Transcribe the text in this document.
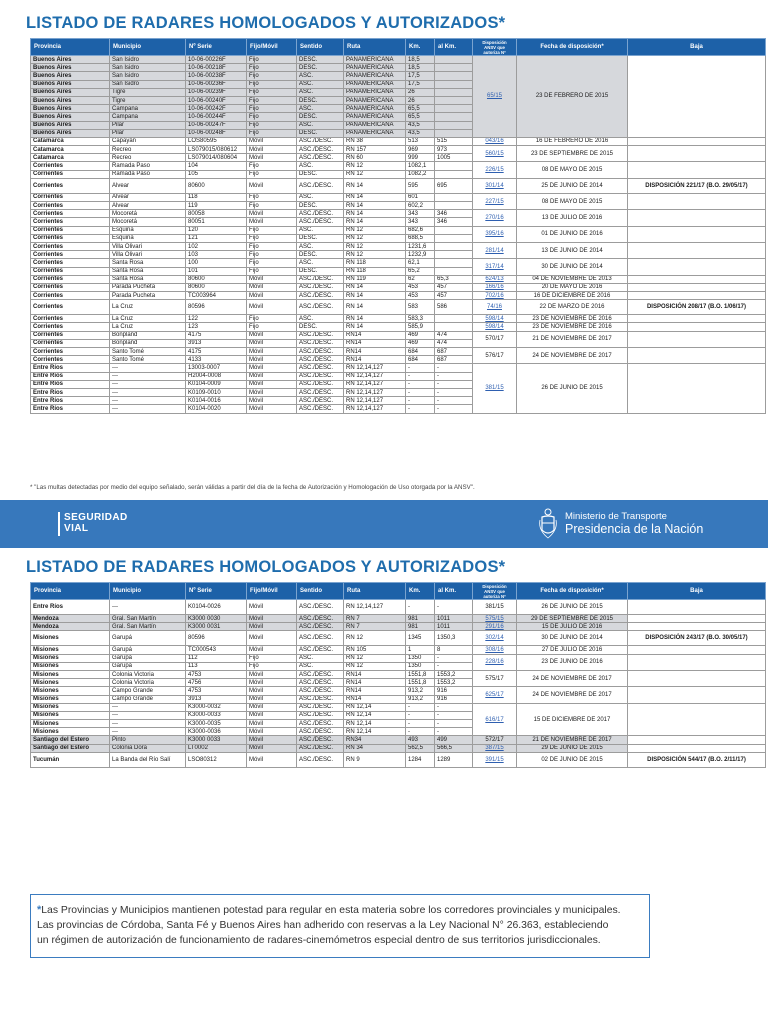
LISTADO DE RADARES HOMOLOGADOS Y AUTORIZADOS*
Provincia	Municipio	Nº Serie	Fijo/Móvil	Sentido	Ruta	Km.	al Km.	Disposición ANSV que autoriza Nº	Fecha de disposición*	Baja
Buenos Aires	San Isidro	10-06-00226F	Fijo	DESC.	PANAMERICANA	18,5		65/15	23 DE FEBRERO DE 2015	
Buenos Aires	San Isidro	10-06-00218F	Fijo	DESC.	PANAMERICANA	18,5				
Buenos Aires	San Isidro	10-06-00238F	Fijo	ASC.	PANAMERICANA	17,5				
Buenos Aires	San Isidro	10-06-00236F	Fijo	ASC.	PANAMERICANA	17,5				
Buenos Aires	Tigre	10-06-00239F	Fijo	ASC.	PANAMERICANA	26				
Buenos Aires	Tigre	10-06-00240F	Fijo	DESC.	PANAMERICANA	26				
Buenos Aires	Campana	10-06-00242F	Fijo	ASC.	PANAMERICANA	65,5				
Buenos Aires	Campana	10-06-00244F	Fijo	DESC.	PANAMERICANA	65,5				
Buenos Aires	Pilar	10-06-00247F	Fijo	ASC.	PANAMERICANA	43,5				
Buenos Aires	Pilar	10-06-00248F	Fijo	DESC.	PANAMERICANA	43,5				
Catamarca	Capayán	LOS80595	Móvil	ASC./DESC.	RN 38	513	515	043/16	16 DE FEBRERO DE 2016	
Catamarca	Recreo	LS079015/080612	Móvil	ASC./DESC.	RN 157	969	973	560/15	23 DE SEPTIEMBRE DE 2015	
Catamarca	Recreo	LS079014/080604	Móvil	ASC./DESC.	RN 60	999	1005			
Corrientes	Ramada Paso	104	Fijo	ASC.	RN 12	1082,1		226/15	08 DE MAYO DE 2015	
Corrientes	Ramada Paso	105	Fijo	DESC.	RN 12	1082,2				
Corrientes	Alvear	80600	Móvil	ASC./DESC.	RN 14	595	695	301/14	25 DE JUNIO DE 2014	DISPOSICIÓN 221/17 (B.O. 29/05/17)
Corrientes	Alvear	118	Fijo	ASC.	RN 14	601		227/15	08 DE MAYO DE 2015	
Corrientes	Alvear	119	Fijo	DESC.	RN 14	602,2				
Corrientes	Mocoretá	80058	Móvil	ASC./DESC.	RN 14	343	346	270/16	13 DE JULIO DE 2016	
Corrientes	Mocoretá	80051	Móvil	ASC./DESC.	RN 14	343	346			
Corrientes	Esquina	120	Fijo	ASC.	RN 12	682,6		395/16	01 DE JUNIO DE 2016	
Corrientes	Esquina	121	Fijo	DESC.	RN 12	688,5				
Corrientes	Villa Olivari	102	Fijo	ASC.	RN 12	1231,6		281/14	13 DE JUNIO DE 2014	
Corrientes	Villa Olivari	103	Fijo	DESC.	RN 12	1232,9				
Corrientes	Santa Rosa	100	Fijo	ASC.	RN 118	62,1		317/14	30 DE JUNIO DE 2014	
Corrientes	Santa Rosa	101	Fijo	DESC.	RN 118	65,2				
Corrientes	Santa Rosa	80600	Móvil	ASC./DESC.	RN 119	62	65,3	624/13	04 DE NOVIEMBRE DE 2013	
Corrientes	Parada Pucheta	80600	Móvil	ASC./DESC.	RN 14	453	457	166/16	20 DE MAYO DE 2016	
Corrientes	Parada Pucheta	TC003964	Móvil	ASC./DESC.	RN 14	453	457	702/16	16 DE DICIEMBRE DE 2016	
Corrientes	La Cruz	80596	Móvil	ASC./DESC.	RN 14	583	586	74/16	22 DE MARZO DE 2016	DISPOSICIÓN 208/17 (B.O. 1/06/17)
Corrientes	La Cruz	122	Fijo	ASC.	RN 14	583,3		598/14	23 DE NOVIEMBRE DE 2016	
Corrientes	La Cruz	123	Fijo	DESC.	RN 14	585,9		598/14	23 DE NOVIEMBRE DE 2016	
Corrientes	Bonpland	4175	Móvil	ASC./DESC.	RN14	469	474	570/17	21 DE NOVIEMBRE DE 2017	
Corrientes	Bonpland	3913	Móvil	ASC./DESC.	RN14	469	474			
Corrientes	Santo Tomé	4175	Móvil	ASC./DESC.	RN14	684	687	576/17	24 DE NOVIEMBRE DE 2017	
Corrientes	Santo Tomé	4133	Móvil	ASC./DESC.	RN14	684	687			
Entre Ríos	---	13003-0007	Móvil	ASC./DESC.	RN 12,14,127	-	-	381/15	26 DE JUNIO DE 2015	
Entre Ríos	---	H2004-0008	Móvil	ASC./DESC.	RN 12,14,127	-	-			
Entre Ríos	---	K0104-0009	Móvil	ASC./DESC.	RN 12,14,127	-	-			
Entre Ríos	---	K0109-0010	Móvil	ASC./DESC.	RN 12,14,127	-	-			
Entre Ríos	---	K0104-0016	Móvil	ASC./DESC.	RN 12,14,127	-	-			
Entre Ríos	---	K0104-0020	Móvil	ASC./DESC.	RN 12,14,127	-	-			
* "Las multas detectadas por medio del equipo señalado, serán válidas a partir del día de la fecha de Autorización y Homologación de Uso otorgada por la ANSV".
SEGURIDAD
VIAL
Ministerio de Transporte
Presidencia de la Nación
LISTADO DE RADARES HOMOLOGADOS Y AUTORIZADOS*
Provincia	Municipio	Nº Serie	Fijo/Móvil	Sentido	Ruta	Km.	al Km.	Disposición ANSV que autoriza Nº	Fecha de disposición*	Baja
Entre Ríos	---	K0104-0026	Móvil	ASC./DESC.	RN 12,14,127	-	-	381/15	26 DE JUNIO DE 2015	
Mendoza	Gral. San Martín	K3000 0030	Móvil	ASC./DESC.	RN 7	981	1011	575/15	29 DE SEPTIEMBRE DE 2015	
Mendoza	Gral. San Martín	K3000 0031	Móvil	ASC./DESC.	RN 7	981	1011	291/16	15 DE JULIO DE 2016	
Misiones	Garupá	80596	Móvil	ASC./DESC.	RN 12	1345	1350,3	302/14	30 DE JUNIO DE 2014	DISPOSICIÓN 243/17 (B.O. 30/05/17)
Misiones	Garupá	TC000543	Móvil	ASC./DESC.	RN 105	1	8	308/16	27 DE JULIO DE 2016	
Misiones	Garupá	112	Fijo	ASC.	RN 12	1350	-	228/16	23 DE JUNIO DE 2016	
Misiones	Garupá	113	Fijo	ASC.	RN 12	1350	-			
Misiones	Colonia Victoria	4753	Móvil	ASC./DESC.	RN14	1551,8	1553,2	575/17	24 DE NOVIEMBRE DE 2017	
Misiones	Colonia Victoria	4756	Móvil	ASC./DESC.	RN14	1551,8	1553,2			
Misiones	Campo Grande	4753	Móvil	ASC./DESC.	RN14	913,2	916	625/17	24 DE NOVIEMBRE DE 2017	
Misiones	Campo Grande	3913	Móvil	ASC./DESC.	RN14	913,2	916			
Misiones	---	K3000-0032	Móvil	ASC./DESC.	RN 12,14	-	-	616/17	15 DE DICIEMBRE DE 2017	
Misiones	---	K3000-0033	Móvil	ASC./DESC.	RN 12,14	-	-			
Misiones	---	K3000-0035	Móvil	ASC./DESC.	RN 12,14	-	-			
Misiones	---	K3000-0036	Móvil	ASC./DESC.	RN 12,14	-	-			
Santiago del Estero	Pinto	K3000 0033	Móvil	ASC./DESC.	RN34	493	499	572/17	21 DE NOVIEMBRE DE 2017	
Santiago del Estero	Colonia Dora	LT0002	Móvil	ASC./DESC.	RN 34	562,5	566,5	387/15	29 DE JUNIO DE 2015	
Tucumán	La Banda del Río Salí	LSO80312	Móvil	ASC./DESC.	RN 9	1284	1289	391/15	02 DE JUNIO DE 2015	DISPOSICIÓN 544/17 (B.O. 2/11/17)

*Las Provincias y Municipios mantienen potestad para regular en esta materia sobre los corredores provinciales y municipales.

Las provincias de Córdoba, Santa Fé y Buenos Aires han adherido con reservas a la Ley Nacional N° 26.363, estableciendo

un régimen de autorización de funcionamiento de radares-cinemómetros especial dentro de sus territorios jurisdiccionales.
